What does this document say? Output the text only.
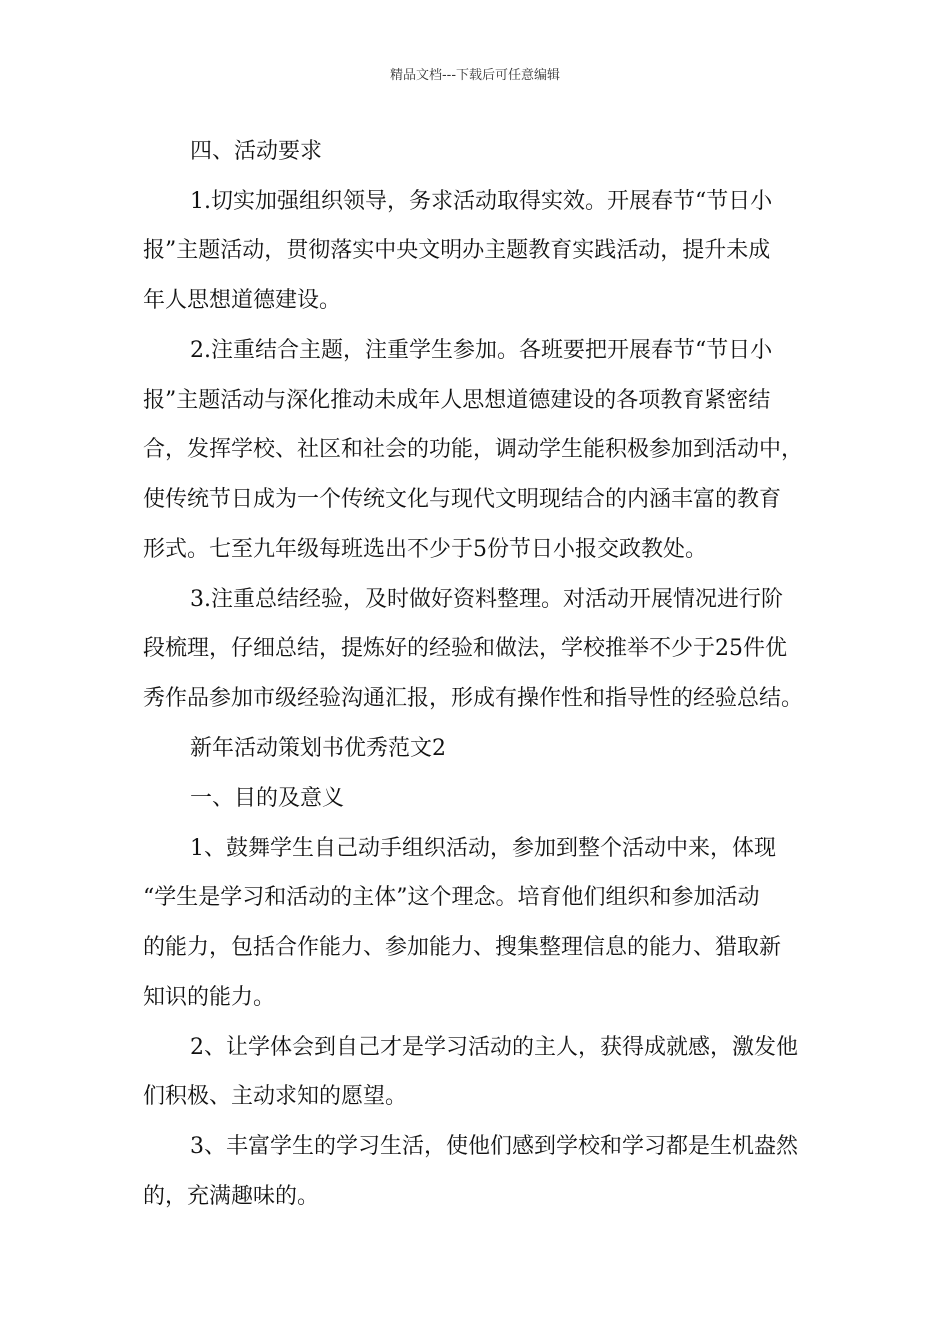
精品文档---下载后可任意编辑
四、活动要求
1.切实加强组织领导，务求活动取得实效。开展春节“节日小
报”主题活动，贯彻落实中央文明办主题教育实践活动，提升未成
年人思想道德建设。
2.注重结合主题，注重学生参加。各班要把开展春节“节日小
报”主题活动与深化推动未成年人思想道德建设的各项教育紧密结
合，发挥学校、社区和社会的功能，调动学生能积极参加到活动中，
使传统节日成为一个传统文化与现代文明现结合的内涵丰富的教育
形式。七至九年级每班选出不少于5份节日小报交政教处。
3.注重总结经验，及时做好资料整理。对活动开展情况进行阶
段梳理，仔细总结，提炼好的经验和做法，学校推举不少于25件优
秀作品参加市级经验沟通汇报，形成有操作性和指导性的经验总结。
新年活动策划书优秀范文2
一、目的及意义
1、鼓舞学生自己动手组织活动，参加到整个活动中来，体现
“学生是学习和活动的主体”这个理念。培育他们组织和参加活动
的能力，包括合作能力、参加能力、搜集整理信息的能力、猎取新
知识的能力。
2、让学体会到自己才是学习活动的主人，获得成就感，激发他
们积极、主动求知的愿望。
3、丰富学生的学习生活，使他们感到学校和学习都是生机盎然
的，充满趣味的。
